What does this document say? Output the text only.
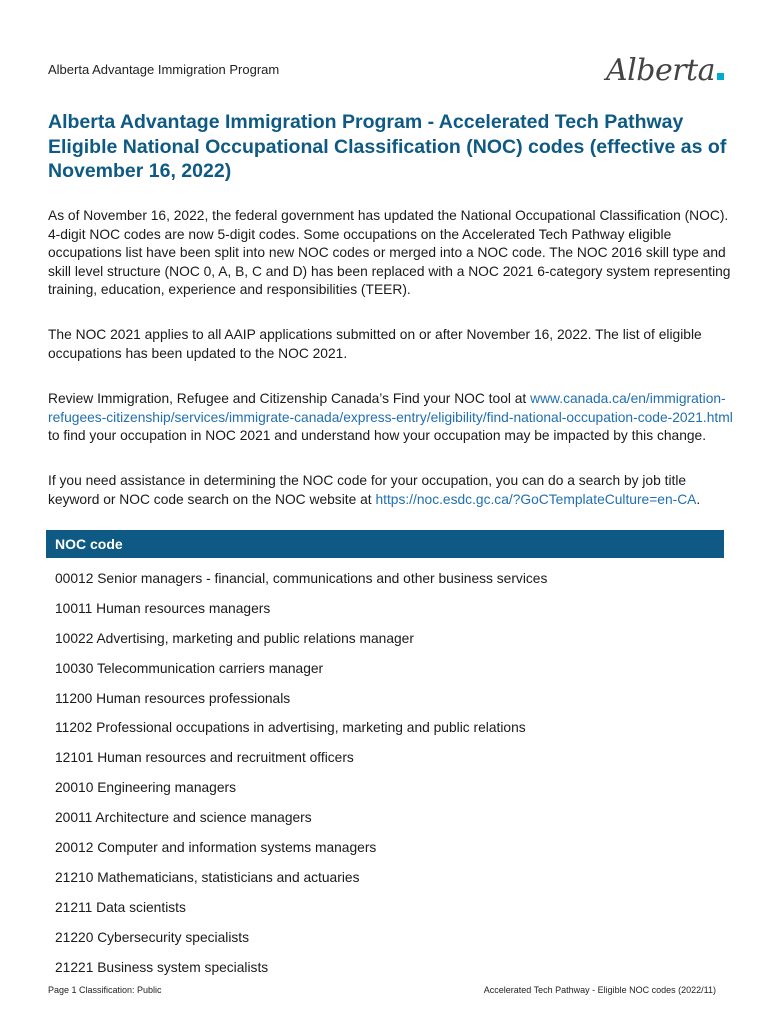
Alberta Advantage Immigration Program	Alberta
Alberta Advantage Immigration Program - Accelerated Tech Pathway Eligible National Occupational Classification (NOC) codes (effective as of November 16, 2022)
As of November 16, 2022, the federal government has updated the National Occupational Classification (NOC). 4-digit NOC codes are now 5-digit codes. Some occupations on the Accelerated Tech Pathway eligible occupations list have been split into new NOC codes or merged into a NOC code. The NOC 2016 skill type and skill level structure (NOC 0, A, B, C and D) has been replaced with a NOC 2021 6-category system representing training, education, experience and responsibilities (TEER).
The NOC 2021 applies to all AAIP applications submitted on or after November 16, 2022. The list of eligible occupations has been updated to the NOC 2021.
Review Immigration, Refugee and Citizenship Canada’s Find your NOC tool at www.canada.ca/en/immigration-refugees-citizenship/services/immigrate-canada/express-entry/eligibility/find-national-occupation-code-2021.html to find your occupation in NOC 2021 and understand how your occupation may be impacted by this change.
If you need assistance in determining the NOC code for your occupation, you can do a search by job title keyword or NOC code search on the NOC website at https://noc.esdc.gc.ca/?GoCTemplateCulture=en-CA.
NOC code
00012 Senior managers - financial, communications and other business services
10011 Human resources managers
10022 Advertising, marketing and public relations manager
10030 Telecommunication carriers manager
11200 Human resources professionals
11202 Professional occupations in advertising, marketing and public relations
12101 Human resources and recruitment officers
20010 Engineering managers
20011 Architecture and science managers
20012 Computer and information systems managers
21210 Mathematicians, statisticians and actuaries
21211 Data scientists
21220 Cybersecurity specialists
21221 Business system specialists
Page 1 Classification: Public	Accelerated Tech Pathway - Eligible NOC codes (2022/11)
